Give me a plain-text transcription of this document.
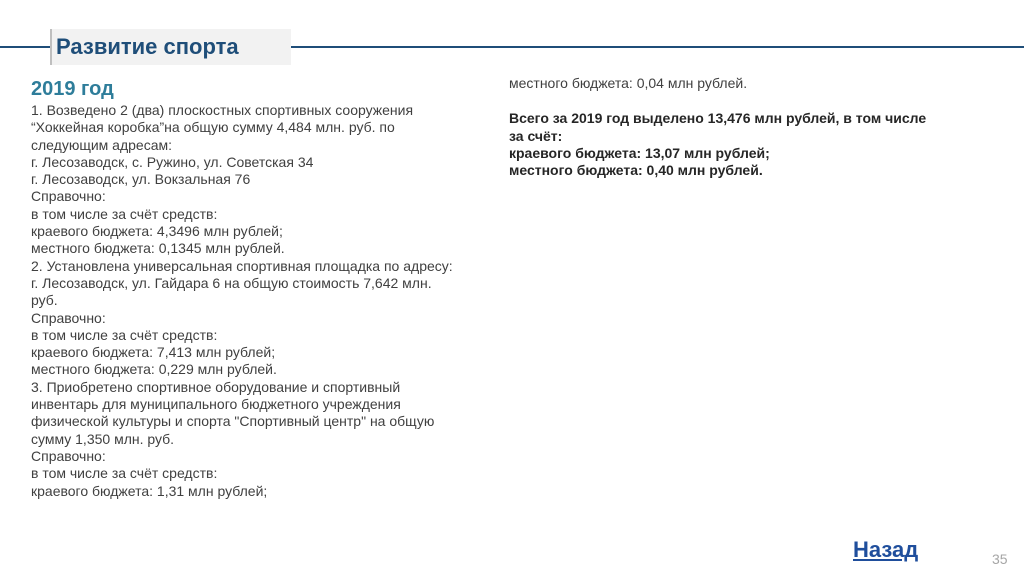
Развитие спорта

2019 год

1. Возведено 2 (два) плоскостных спортивных сооружения

“Хоккейная коробка”на общую сумму 4,484 млн. руб. по

следующим адресам:

г. Лесозаводск, с. Ружино, ул. Советская 34

г. Лесозаводск, ул. Вокзальная 76

Справочно:

в том числе за счёт средств:

краевого бюджета: 4,3496 млн рублей;

местного бюджета: 0,1345 млн рублей.

2. Установлена универсальная спортивная площадка по адресу:

г. Лесозаводск, ул. Гайдара 6 на общую стоимость 7,642 млн.

руб.

Справочно:

в том числе за счёт средств:

краевого бюджета: 7,413 млн рублей;

местного бюджета: 0,229 млн рублей.

3. Приобретено спортивное оборудование и спортивный

инвентарь для муниципального бюджетного учреждения

физической культуры и спорта "Спортивный центр" на общую

сумму 1,350 млн. руб.

Справочно:

в том числе за счёт средств:

краевого бюджета: 1,31 млн рублей;

местного бюджета: 0,04 млн рублей.

Всего за 2019 год выделено 13,476 млн рублей, в том числе

за счёт:

краевого бюджета: 13,07 млн рублей;

местного бюджета: 0,40 млн рублей.

Назад	35
